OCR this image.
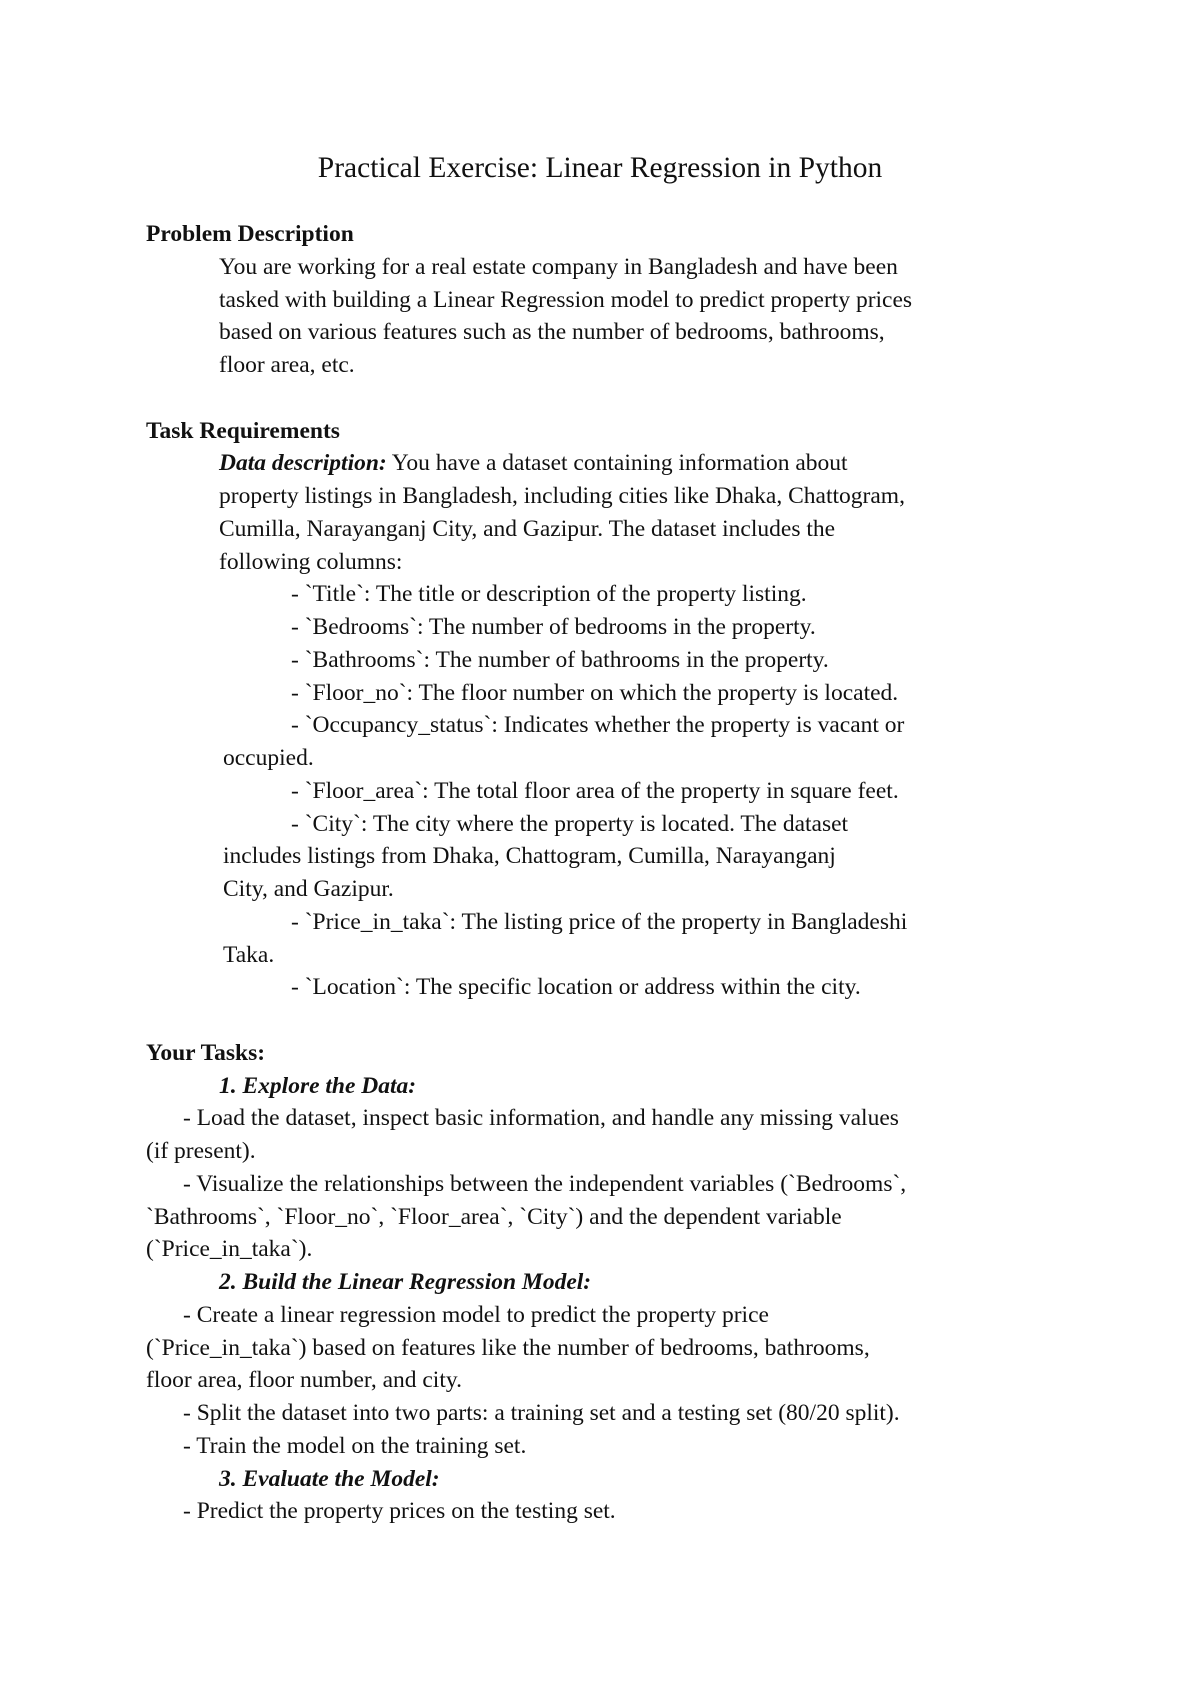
Practical Exercise: Linear Regression in Python
Problem Description
You are working for a real estate company in Bangladesh and have been
tasked with building a Linear Regression model to predict property prices
based on various features such as the number of bedrooms, bathrooms,
floor area, etc.
Task Requirements
Data description: You have a dataset containing information about
property listings in Bangladesh, including cities like Dhaka, Chattogram,
Cumilla, Narayanganj City, and Gazipur. The dataset includes the
following columns:
- `Title`: The title or description of the property listing.
- `Bedrooms`: The number of bedrooms in the property.
- `Bathrooms`: The number of bathrooms in the property.
- `Floor_no`: The floor number on which the property is located.
- `Occupancy_status`: Indicates whether the property is vacant or
occupied.
- `Floor_area`: The total floor area of the property in square feet.
- `City`: The city where the property is located. The dataset
includes listings from Dhaka, Chattogram, Cumilla, Narayanganj
City, and Gazipur.
- `Price_in_taka`: The listing price of the property in Bangladeshi
Taka.
- `Location`: The specific location or address within the city.
Your Tasks:
1. Explore the Data:
- Load the dataset, inspect basic information, and handle any missing values
(if present).
- Visualize the relationships between the independent variables (`Bedrooms`,
`Bathrooms`, `Floor_no`, `Floor_area`, `City`) and the dependent variable
(`Price_in_taka`).
2. Build the Linear Regression Model:
- Create a linear regression model to predict the property price
(`Price_in_taka`) based on features like the number of bedrooms, bathrooms,
floor area, floor number, and city.
- Split the dataset into two parts: a training set and a testing set (80/20 split).
- Train the model on the training set.
3. Evaluate the Model:
- Predict the property prices on the testing set.
